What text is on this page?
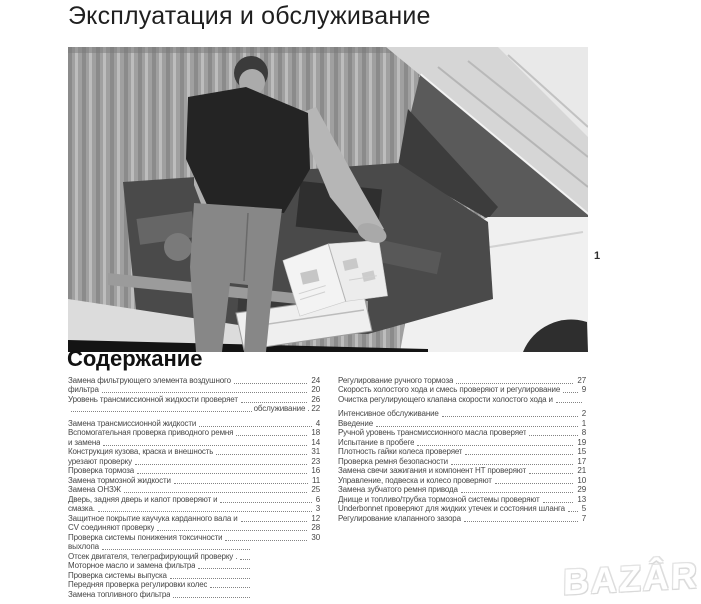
Эксплуатация и обслуживание
1
Содержание
Замена фильтрующего элемента воздушного	24
фильтра	20
Уровень трансмиссионной жидкости проверяет	26
обслуживание . 22
Замена трансмиссионной жидкости	4
Вспомогательная проверка приводного ремня	18
и замена	14
Конструкция кузова, краска и внешность	31
урезают проверку	23
Проверка тормоза	16
Замена тормозной жидкости	11
Замена ОНЗЖ	25
Дверь, задняя дверь и капот проверяют и	6
смазка.	3
Защитное покрытие каучука карданного вала и	12
CV соединяют проверку	28
Проверка системы понижения токсичности	30
выхлопа
Отсек двигателя, телеграфирующий проверку .
Моторное масло и замена фильтра
Проверка системы выпуска
Передняя проверка регулировки колес
Замена топливного фильтра
Регулирование ручного тормоза	27
Скорость холостого хода и смесь проверяют и регулирование	9
Очистка регулирующего клапана скорости холостого хода и
Интенсивное обслуживание	2
Введение	1
Ручной уровень трансмиссионного масла проверяет	8
Испытание в пробеге	19
Плотность гайки колеса проверяет	15
Проверка ремня безопасности	17
Замена свечи зажигания и компонент HT проверяют	21
Управление, подвеска и колесо проверяют	10
Замена зубчатого ремня привода	29
Днище и топливо/трубка тормозной системы проверяют	13
Underbonnet проверяют для жидких утечек и состояния шланга 5
Регулирование клапанного зазора	7
BAZÂR
